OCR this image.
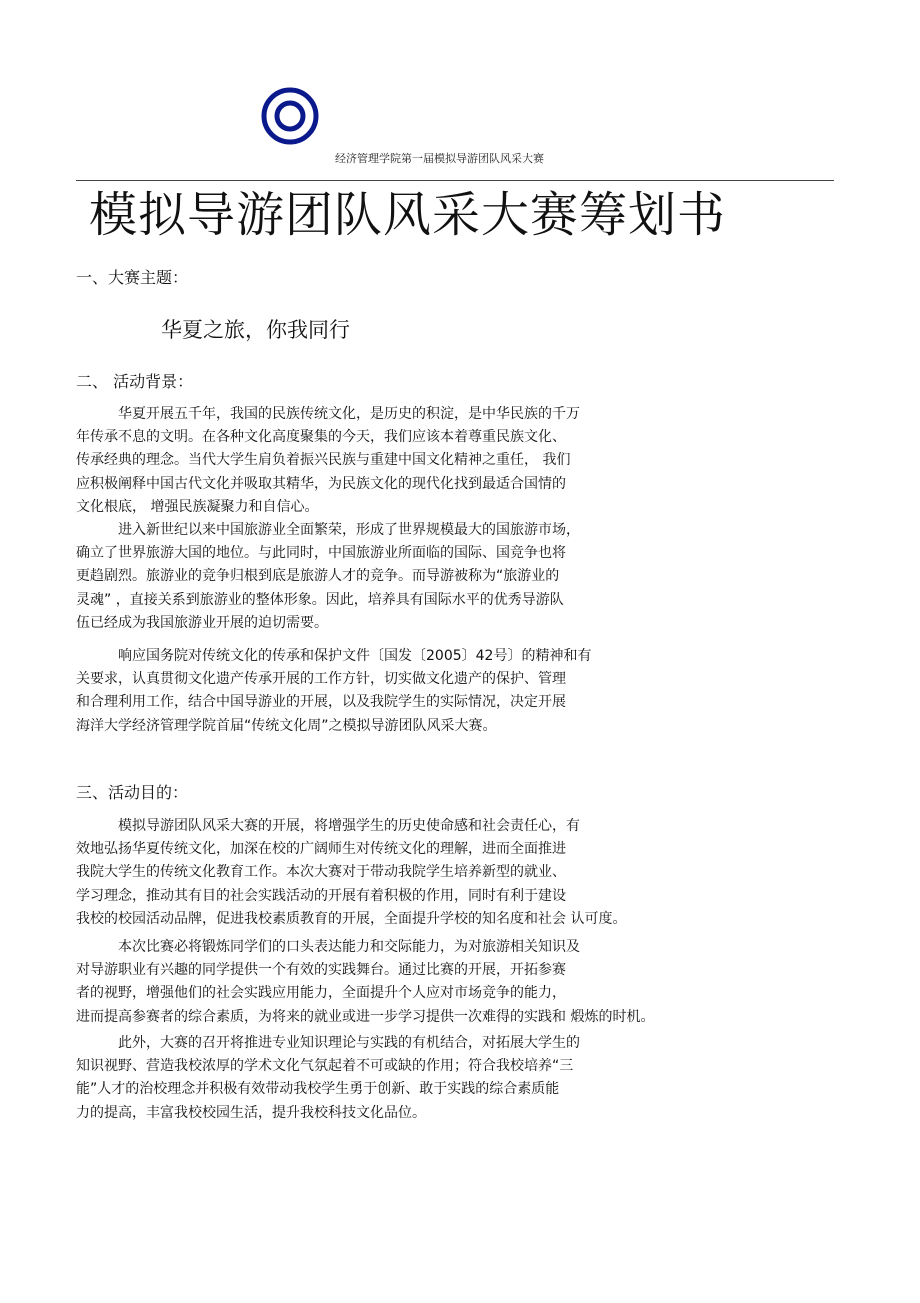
经济管理学院第一届模拟导游团队风采大赛
模拟导游团队风采大赛筹划书
一、大赛主题：
华夏之旅，你我同行
二、 活动背景：
华夏开展五千年，我国的民族传统文化，是历史的积淀，是中华民族的千万
年传承不息的文明。在各种文化高度聚集的今天，我们应该本着尊重民族文化、
传承经典的理念。当代大学生肩负着振兴民族与重建中国文化精神之重任， 我们
应积极阐释中国古代文化并吸取其精华，为民族文化的现代化找到最适合国情的
文化根底， 增强民族凝聚力和自信心。
进入新世纪以来中国旅游业全面繁荣，形成了世界规模最大的国旅游市场，
确立了世界旅游大国的地位。与此同时，中国旅游业所面临的国际、国竞争也将
更趋剧烈。旅游业的竞争归根到底是旅游人才的竞争。而导游被称为“旅游业的
灵魂” ，直接关系到旅游业的整体形象。因此，培养具有国际水平的优秀导游队
伍已经成为我国旅游业开展的迫切需要。
响应国务院对传统文化的传承和保护文件〔国发〔2005〕42号〕的精神和有
关要求，认真贯彻文化遗产传承开展的工作方针，切实做文化遗产的保护、管理
和合理利用工作，结合中国导游业的开展，以及我院学生的实际情况，决定开展
海洋大学经济管理学院首届“传统文化周”之模拟导游团队风采大赛。
三、活动目的：
模拟导游团队风采大赛的开展，将增强学生的历史使命感和社会责任心，有
效地弘扬华夏传统文化，加深在校的广阔师生对传统文化的理解，进而全面推进
我院大学生的传统文化教育工作。本次大赛对于带动我院学生培养新型的就业、
学习理念，推动其有目的社会实践活动的开展有着积极的作用，同时有利于建设
我校的校园活动品牌，促进我校素质教育的开展，全面提升学校的知名度和社会 认可度。
本次比赛必将锻炼同学们的口头表达能力和交际能力，为对旅游相关知识及
对导游职业有兴趣的同学提供一个有效的实践舞台。通过比赛的开展，开拓参赛
者的视野，增强他们的社会实践应用能力，全面提升个人应对市场竞争的能力，
进而提高参赛者的综合素质，为将来的就业或进一步学习提供一次难得的实践和 煅炼的时机。
此外，大赛的召开将推进专业知识理论与实践的有机结合，对拓展大学生的
知识视野、营造我校浓厚的学术文化气氛起着不可或缺的作用；符合我校培养“三
能”人才的治校理念并积极有效带动我校学生勇于创新、敢于实践的综合素质能
力的提高，丰富我校校园生活，提升我校科技文化品位。
